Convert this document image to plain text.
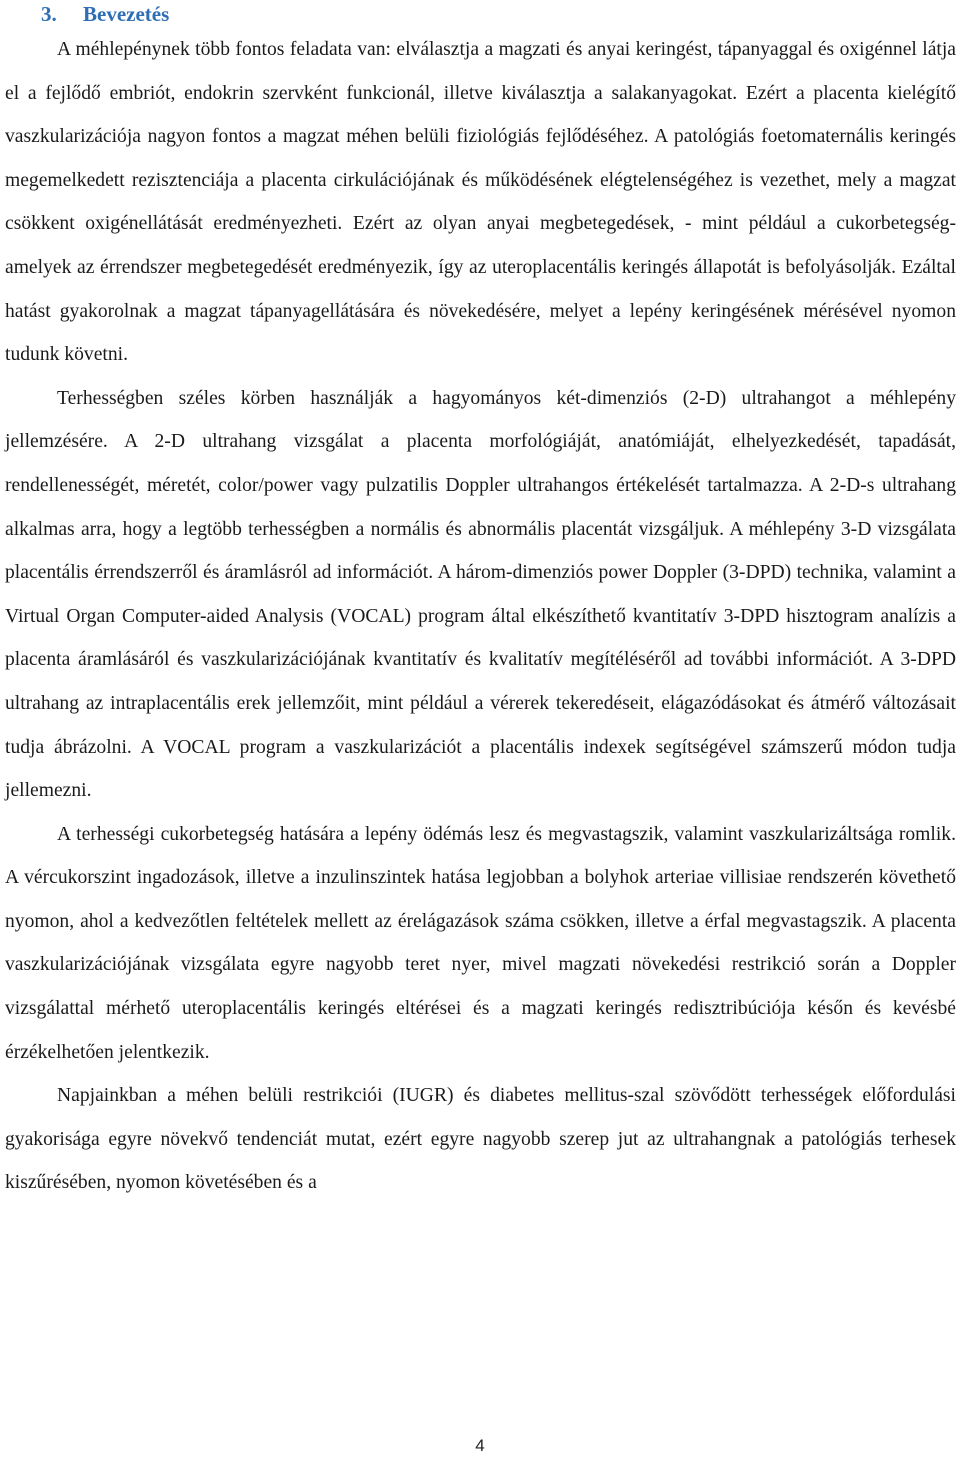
3. Bevezetés

A méhlepénynek több fontos feladata van: elválasztja a magzati és anyai keringést, tápanyaggal és oxigénnel látja el a fejlődő embriót, endokrin szervként funkcionál, illetve kiválasztja a salakanyagokat. Ezért a placenta kielégítő vaszkularizációja nagyon fontos a magzat méhen belüli fiziológiás fejlődéséhez. A patológiás foetomaternális keringés megemelkedett rezisztenciája a placenta cirkulációjának és működésének elégtelenségéhez is vezethet, mely a magzat csökkent oxigénellátását eredményezheti. Ezért az olyan anyai megbetegedések, - mint például a cukorbetegség- amelyek az érrendszer megbetegedését eredményezik, így az uteroplacentális keringés állapotát is befolyásolják. Ezáltal hatást gyakorolnak a magzat tápanyagellátására és növekedésére, melyet a lepény keringésének mérésével nyomon tudunk követni.

Terhességben széles körben használják a hagyományos két-dimenziós (2-D) ultrahangot a méhlepény jellemzésére. A 2-D ultrahang vizsgálat a placenta morfológiáját, anatómiáját, elhelyezkedését, tapadását, rendellenességét, méretét, color/power vagy pulzatilis Doppler ultrahangos értékelését tartalmazza. A 2-D-s ultrahang alkalmas arra, hogy a legtöbb terhességben a normális és abnormális placentát vizsgáljuk. A méhlepény 3-D vizsgálata placentális érrendszerről és áramlásról ad információt. A három-dimenziós power Doppler (3-DPD) technika, valamint a Virtual Organ Computer-aided Analysis (VOCAL) program által elkészíthető kvantitatív 3-DPD hisztogram analízis a placenta áramlásáról és vaszkularizációjának kvantitatív és kvalitatív megítéléséről ad további információt. A 3-DPD ultrahang az intraplacentális erek jellemzőit, mint például a vérerek tekeredéseit, elágazódásokat és átmérő változásait tudja ábrázolni. A VOCAL program a vaszkularizációt a placentális indexek segítségével számszerű módon tudja jellemezni.

A terhességi cukorbetegség hatására a lepény ödémás lesz és megvastagszik, valamint vaszkularizáltsága romlik. A vércukorszint ingadozások, illetve a inzulinszintek hatása legjobban a bolyhok arteriae villisiae rendszerén követhető nyomon, ahol a kedvezőtlen feltételek mellett az érelágazások száma csökken, illetve a érfal megvastagszik. A placenta vaszkularizációjának vizsgálata egyre nagyobb teret nyer, mivel magzati növekedési restrikció során a Doppler vizsgálattal mérhető uteroplacentális keringés eltérései és a magzati keringés redisztribúciója későn és kevésbé érzékelhetően jelentkezik.

Napjainkban a méhen belüli restrikciói (IUGR) és diabetes mellitus-szal szövődött terhességek előfordulási gyakorisága egyre növekvő tendenciát mutat, ezért egyre nagyobb szerep jut az ultrahangnak a patológiás terhesek kiszűrésében, nyomon követésében és a

4
